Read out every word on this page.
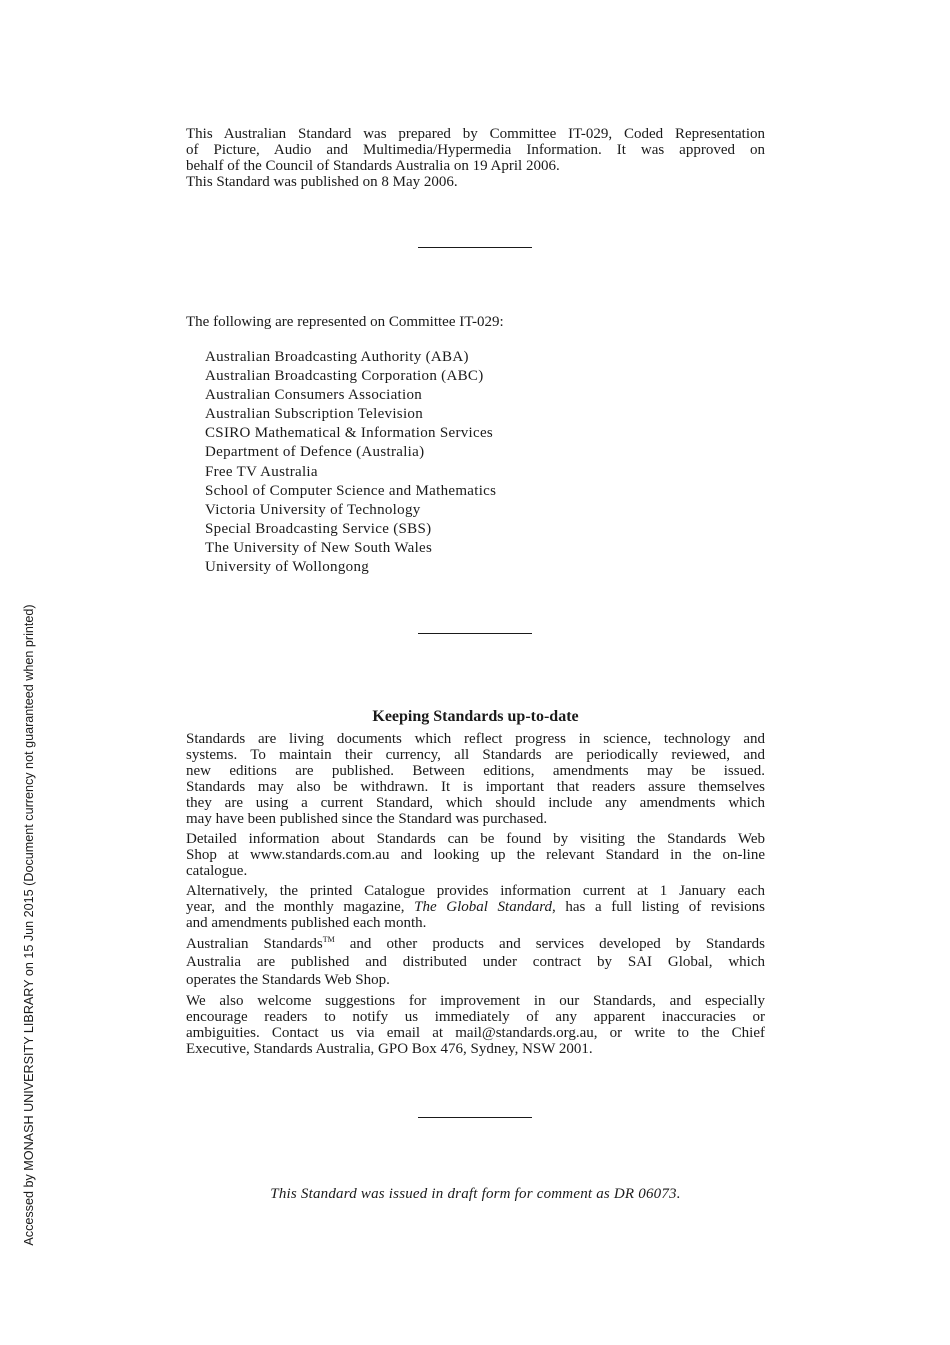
This Australian Standard was prepared by Committee IT-029, Coded Representation
of Picture, Audio and Multimedia/Hypermedia Information. It was approved on
behalf of the Council of Standards Australia on 19 April 2006.
This Standard was published on 8 May 2006.
The following are represented on Committee IT-029:
Australian Broadcasting Authority (ABA)
Australian Broadcasting Corporation (ABC)
Australian Consumers Association
Australian Subscription Television
CSIRO Mathematical & Information Services
Department of Defence (Australia)
Free TV Australia
School of Computer Science and Mathematics
Victoria University of Technology
Special Broadcasting Service (SBS)
The University of New South Wales
University of Wollongong
Keeping Standards up-to-date
Standards are living documents which reflect progress in science, technology and
systems. To maintain their currency, all Standards are periodically reviewed, and
new editions are published. Between editions, amendments may be issued.
Standards may also be withdrawn. It is important that readers assure themselves
they are using a current Standard, which should include any amendments which
may have been published since the Standard was purchased.
Detailed information about Standards can be found by visiting the Standards Web
Shop at www.standards.com.au and looking up the relevant Standard in the on-line
catalogue.
Alternatively, the printed Catalogue provides information current at 1 January each
year, and the monthly magazine, The Global Standard, has a full listing of revisions
and amendments published each month.
Australian Standards™ and other products and services developed by Standards
Australia are published and distributed under contract by SAI Global, which
operates the Standards Web Shop.
We also welcome suggestions for improvement in our Standards, and especially
encourage readers to notify us immediately of any apparent inaccuracies or
ambiguities. Contact us via email at mail@standards.org.au, or write to the Chief
Executive, Standards Australia, GPO Box 476, Sydney, NSW 2001.
This Standard was issued in draft form for comment as DR 06073.
Accessed by MONASH UNIVERSITY LIBRARY on 15 Jun 2015 (Document currency not guaranteed when printed)
